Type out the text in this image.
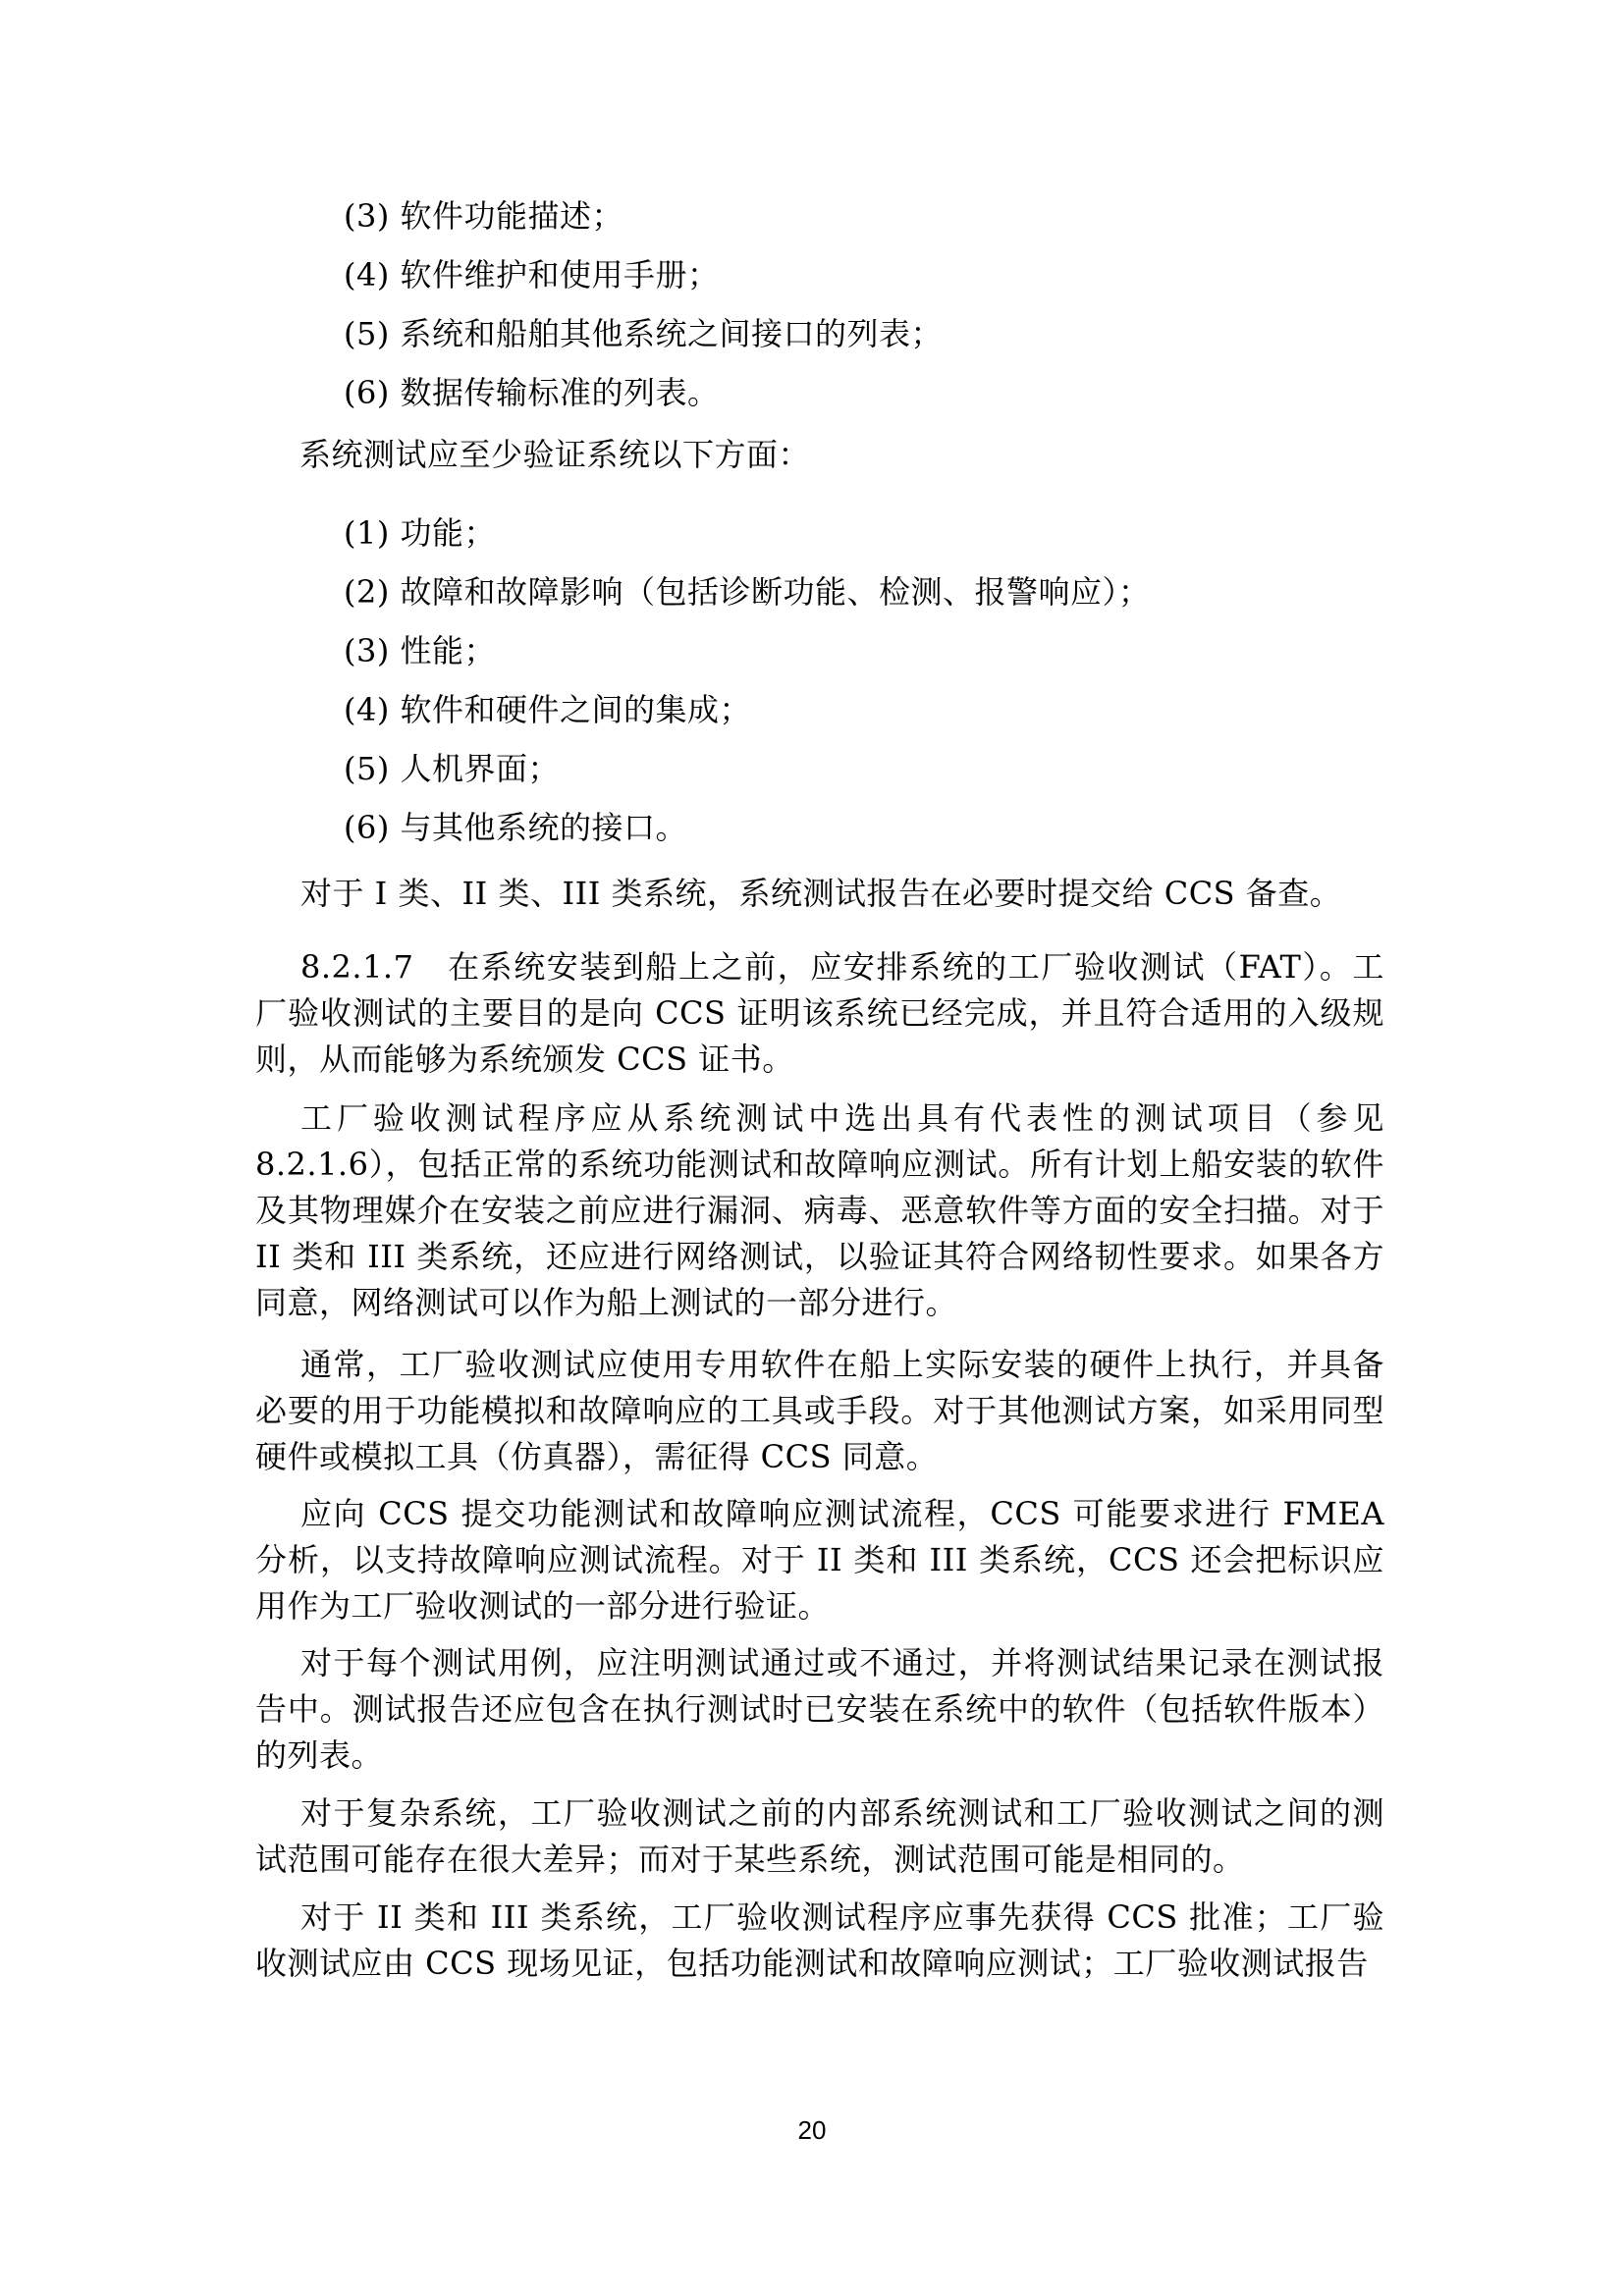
(3) 软件功能描述；
(4) 软件维护和使用手册；
(5) 系统和船舶其他系统之间接口的列表；
(6) 数据传输标准的列表。
系统测试应至少验证系统以下方面：
(1) 功能；
(2) 故障和故障影响（包括诊断功能、检测、报警响应）；
(3) 性能；
(4) 软件和硬件之间的集成；
(5) 人机界面；
(6) 与其他系统的接口。
对于 I 类、II 类、III 类系统，系统测试报告在必要时提交给 CCS 备查。
8.2.1.7　在系统安装到船上之前，应安排系统的工厂验收测试（FAT）。工厂验收测试的主要目的是向 CCS 证明该系统已经完成，并且符合适用的入级规则，从而能够为系统颁发 CCS 证书。
工厂验收测试程序应从系统测试中选出具有代表性的测试项目（参见8.2.1.6），包括正常的系统功能测试和故障响应测试。所有计划上船安装的软件及其物理媒介在安装之前应进行漏洞、病毒、恶意软件等方面的安全扫描。对于 II 类和 III 类系统，还应进行网络测试，以验证其符合网络韧性要求。如果各方同意，网络测试可以作为船上测试的一部分进行。
通常，工厂验收测试应使用专用软件在船上实际安装的硬件上执行，并具备必要的用于功能模拟和故障响应的工具或手段。对于其他测试方案，如采用同型硬件或模拟工具（仿真器），需征得 CCS 同意。
应向 CCS 提交功能测试和故障响应测试流程，CCS 可能要求进行 FMEA 分析，以支持故障响应测试流程。对于 II 类和 III 类系统，CCS 还会把标识应用作为工厂验收测试的一部分进行验证。
对于每个测试用例，应注明测试通过或不通过，并将测试结果记录在测试报告中。测试报告还应包含在执行测试时已安装在系统中的软件（包括软件版本）的列表。
对于复杂系统，工厂验收测试之前的内部系统测试和工厂验收测试之间的测试范围可能存在很大差异；而对于某些系统，测试范围可能是相同的。
对于 II 类和 III 类系统，工厂验收测试程序应事先获得 CCS 批准；工厂验收测试应由 CCS 现场见证，包括功能测试和故障响应测试；工厂验收测试报告
20
